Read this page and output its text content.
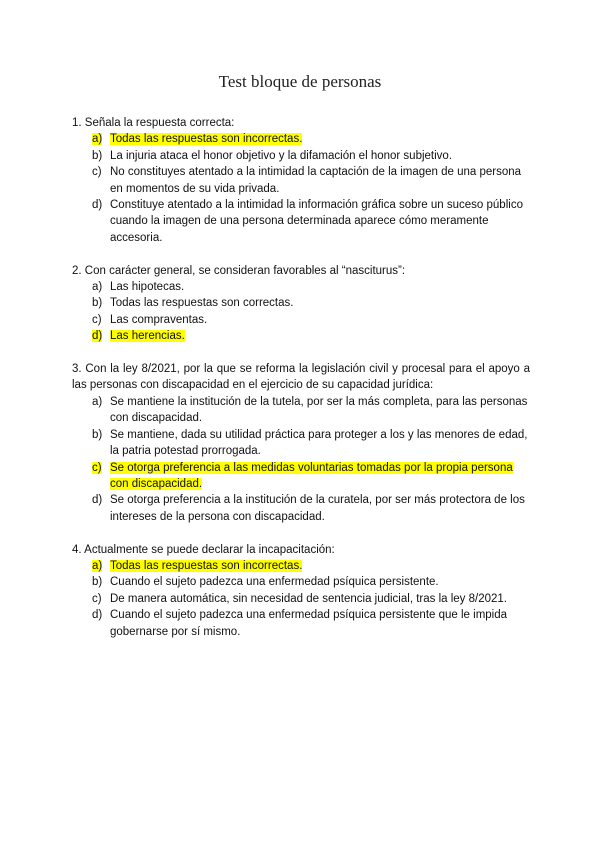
Test bloque de personas
1. Señala la respuesta correcta:
a) Todas las respuestas son incorrectas.
b) La injuria ataca el honor objetivo y la difamación el honor subjetivo.
c) No constituyes atentado a la intimidad la captación de la imagen de una persona en momentos de su vida privada.
d) Constituye atentado a la intimidad la información gráfica sobre un suceso público cuando la imagen de una persona determinada aparece cómo meramente accesoria.
2. Con carácter general, se consideran favorables al “nasciturus”:
a) Las hipotecas.
b) Todas las respuestas son correctas.
c) Las compraventas.
d) Las herencias.
3. Con la ley 8/2021, por la que se reforma la legislación civil y procesal para el apoyo a las personas con discapacidad en el ejercicio de su capacidad jurídica:
a) Se mantiene la institución de la tutela, por ser la más completa, para las personas con discapacidad.
b) Se mantiene, dada su utilidad práctica para proteger a los y las menores de edad, la patria potestad prorrogada.
c) Se otorga preferencia a las medidas voluntarias tomadas por la propia persona con discapacidad.
d) Se otorga preferencia a la institución de la curatela, por ser más protectora de los intereses de la persona con discapacidad.
4. Actualmente se puede declarar la incapacitación:
a) Todas las respuestas son incorrectas.
b) Cuando el sujeto padezca una enfermedad psíquica persistente.
c) De manera automática, sin necesidad de sentencia judicial, tras la ley 8/2021.
d) Cuando el sujeto padezca una enfermedad psíquica persistente que le impida gobernarse por sí mismo.
